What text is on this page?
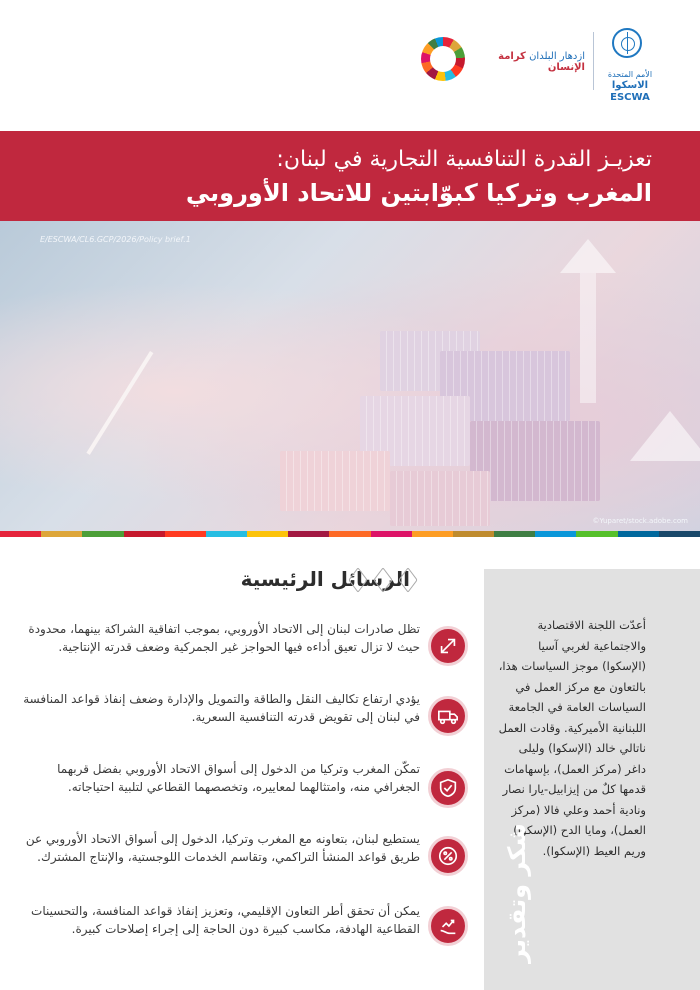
الأمم المتحدة
الاسكوا
ESCWA
ازدهار البلدان كرامة الإنسان
تعزيـز القدرة التنافسية التجارية في لبنان:
المغرب وتركيا كبوّابتين للاتحاد الأوروبي
E/ESCWA/CL6.GCP/2026/Policy brief.1
©Yuparet/stock.adobe.com
الرسائل الرئيسية
تظل صادرات لبنان إلى الاتحاد الأوروبي، بموجب اتفاقية الشراكة بينهما، محدودة حيث لا تزال تعيق أداءه فيها الحواجز غير الجمركية وضعف قدرته الإنتاجية.
يؤدي ارتفاع تكاليف النقل والطاقة والتمويل والإدارة وضعف إنفاذ قواعد المنافسة في لبنان إلى تقويض قدرته التنافسية السعرية.
تمكّن المغرب وتركيا من الدخول إلى أسواق الاتحاد الأوروبي بفضل قربهما الجغرافي منه، وامتثالهما لمعاييره، وتخصصهما القطاعي لتلبية احتياجاته.
يستطيع لبنان، بتعاونه مع المغرب وتركيا، الدخول إلى أسواق الاتحاد الأوروبي عن طريق قواعد المنشأ التراكمي، وتقاسم الخدمات اللوجستية، والإنتاج المشترك.
يمكن أن تحقق أطر التعاون الإقليمي، وتعزيز إنفاذ قواعد المنافسة، والتحسينات القطاعية الهادفة، مكاسب كبيرة دون الحاجة إلى إجراء إصلاحات كبيرة.
أعدّت اللجنة الاقتصادية والاجتماعية لغربي آسيا (الإسكوا) موجز السياسات هذا، بالتعاون مع مركز العمل في السياسات العامة في الجامعة اللبنانية الأميركية. وقادت العمل ناتالي خالد (الإسكوا) وليلى داغر (مركز العمل)، بإسهامات قدمها كلٌ من إيزابيل-يارا نصار ونادية أحمد وعلي فالا (مركز العمل)، ومايا الدح (الإسكوا) وريم العيط (الإسكوا).
شكر وتقدير
